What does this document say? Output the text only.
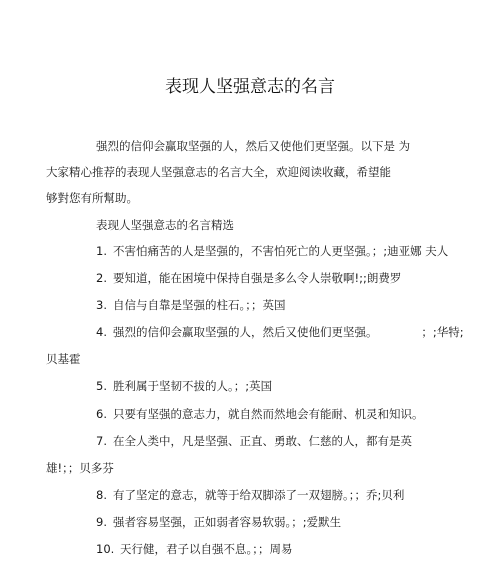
表现人坚强意志的名言
强烈的信仰会赢取坚强的人，然后又使他们更坚强。以下是 为
大家精心推荐的表现人坚强意志的名言大全，欢迎阅读收藏，希望能
够對您有所幫助。
表现人坚强意志的名言精选
1. 不害怕痛苦的人是坚强的，不害怕死亡的人更坚强。；;迪亚娜 夫人
2. 要知道，能在困境中保持自强是多么令人崇敬啊!;;朗费罗
3. 自信与自靠是坚强的柱石。；；英国
4. 强烈的信仰会赢取坚强的人，然后又使他们更坚强。            ；;华特;
贝基霍
5. 胜利属于坚韧不拔的人。；;英国
6. 只要有坚强的意志力，就自然而然地会有能耐、机灵和知识。
7. 在全人类中，凡是坚强、正直、勇敢、仁慈的人，都有是英
雄!；；贝多芬
8. 有了坚定的意志，就等于给双脚添了一双翅膀。；；乔;贝利
9. 强者容易坚强，正如弱者容易软弱。；;爱默生
10. 天行健，君子以自强不息。；；周易
